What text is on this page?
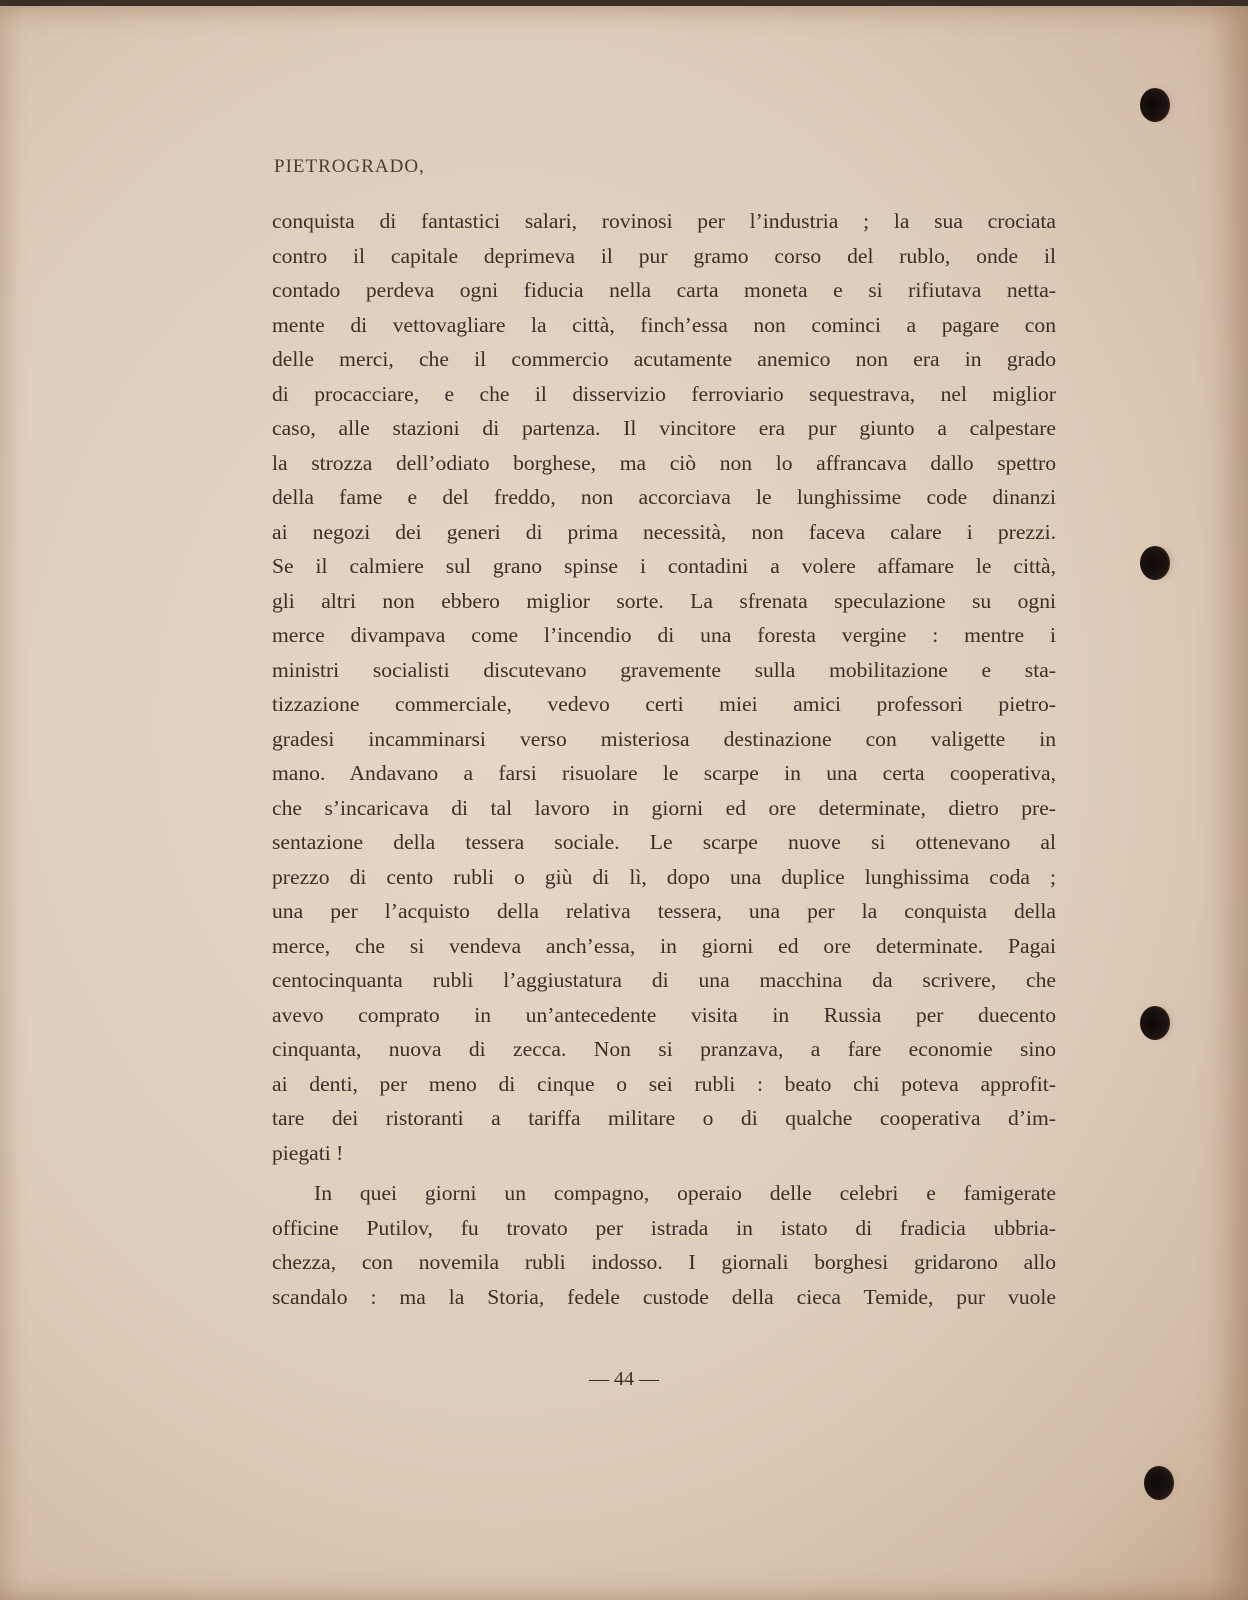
PIETROGRADO,
conquista di fantastici salari, rovinosi per l’industria ; la sua crociata
contro il capitale deprimeva il pur gramo corso del rublo, onde il
contado perdeva ogni fiducia nella carta moneta e si rifiutava netta-
mente di vettovagliare la città, finch’essa non cominci a pagare con
delle merci, che il commercio acutamente anemico non era in grado
di procacciare, e che il disservizio ferroviario sequestrava, nel miglior
caso, alle stazioni di partenza. Il vincitore era pur giunto a calpestare
la strozza dell’odiato borghese, ma ciò non lo affrancava dallo spettro
della fame e del freddo, non accorciava le lunghissime code dinanzi
ai negozi dei generi di prima necessità, non faceva calare i prezzi.
Se il calmiere sul grano spinse i contadini a volere affamare le città,
gli altri non ebbero miglior sorte. La sfrenata speculazione su ogni
merce divampava come l’incendio di una foresta vergine : mentre i
ministri socialisti discutevano gravemente sulla mobilitazione e sta-
tizzazione commerciale, vedevo certi miei amici professori pietro-
gradesi incamminarsi verso misteriosa destinazione con valigette in
mano. Andavano a farsi risuolare le scarpe in una certa cooperativa,
che s’incaricava di tal lavoro in giorni ed ore determinate, dietro pre-
sentazione della tessera sociale. Le scarpe nuove si ottenevano al
prezzo di cento rubli o giù di lì, dopo una duplice lunghissima coda ;
una per l’acquisto della relativa tessera, una per la conquista della
merce, che si vendeva anch’essa, in giorni ed ore determinate. Pagai
centocinquanta rubli l’aggiustatura di una macchina da scrivere, che
avevo comprato in un’antecedente visita in Russia per duecento
cinquanta, nuova di zecca. Non si pranzava, a fare economie sino
ai denti, per meno di cinque o sei rubli : beato chi poteva approfit-
tare dei ristoranti a tariffa militare o di qualche cooperativa d’im-
piegati !
In quei giorni un compagno, operaio delle celebri e famigerate
officine Putilov, fu trovato per istrada in istato di fradicia ubbria-
chezza, con novemila rubli indosso. I giornali borghesi gridarono allo
scandalo : ma la Storia, fedele custode della cieca Temide, pur vuole
— 44 —
